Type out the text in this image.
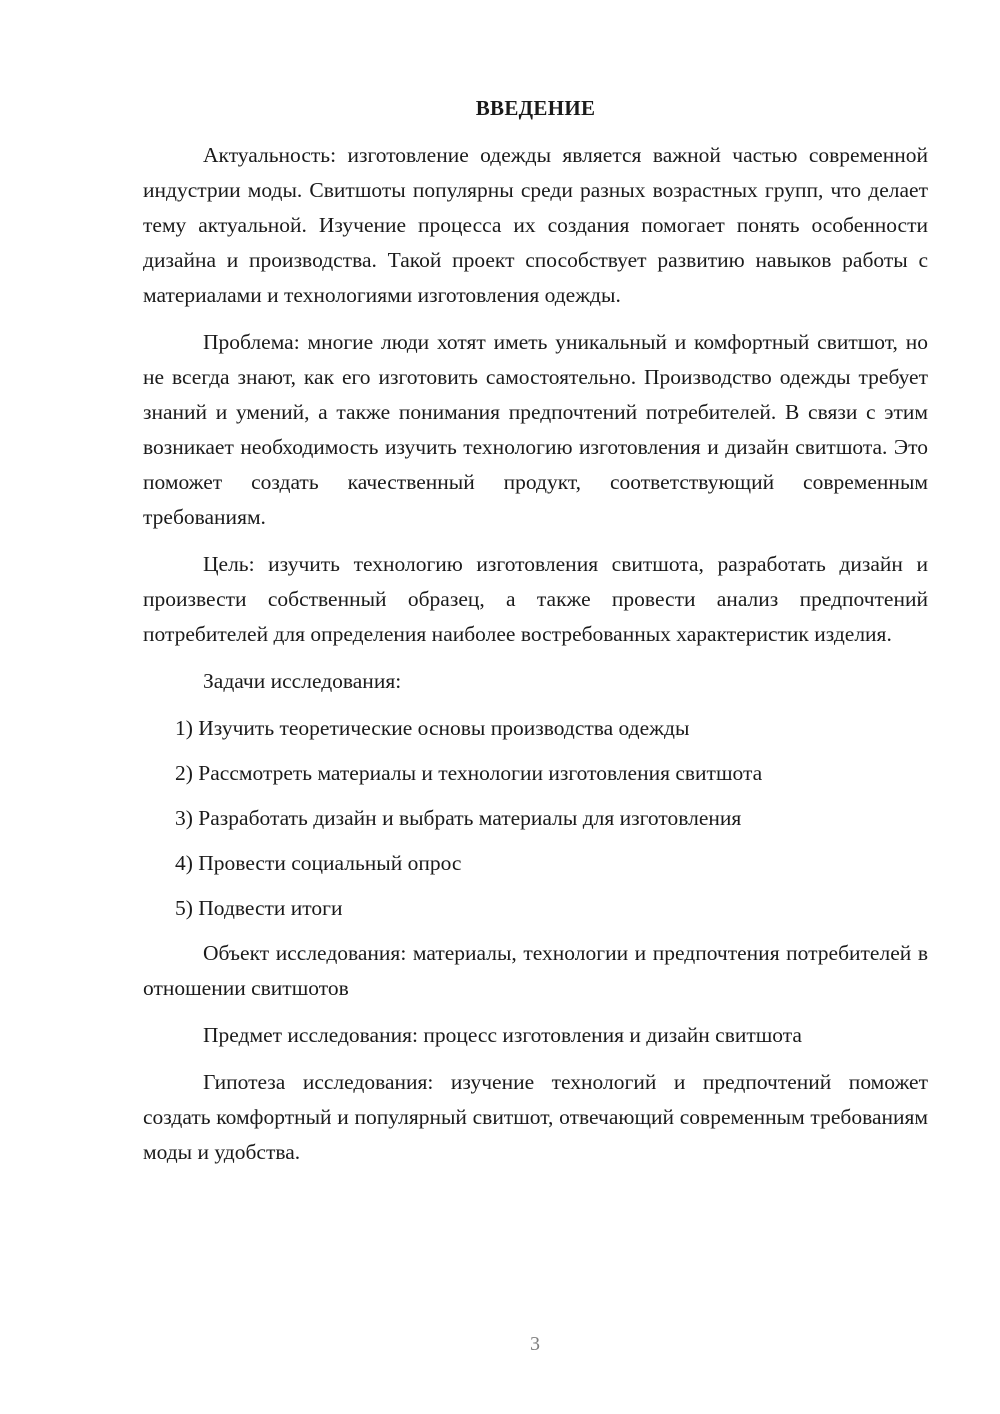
ВВЕДЕНИЕ

Актуальность: изготовление одежды является важной частью современной индустрии моды. Свитшоты популярны среди разных возрастных групп, что делает тему актуальной. Изучение процесса их создания помогает понять особенности дизайна и производства. Такой проект способствует развитию навыков работы с материалами и технологиями изготовления одежды.

Проблема: многие люди хотят иметь уникальный и комфортный свитшот, но не всегда знают, как его изготовить самостоятельно. Производство одежды требует знаний и умений, а также понимания предпочтений потребителей. В связи с этим возникает необходимость изучить технологию изготовления и дизайн свитшота. Это поможет создать качественный продукт, соответствующий современным требованиям.

Цель: изучить технологию изготовления свитшота, разработать дизайн и произвести собственный образец, а также провести анализ предпочтений потребителей для определения наиболее востребованных характеристик изделия.

Задачи исследования:

1) Изучить теоретические основы производства одежды
2) Рассмотреть материалы и технологии изготовления свитшота
3) Разработать дизайн и выбрать материалы для изготовления
4) Провести социальный опрос
5) Подвести итоги

Объект исследования: материалы, технологии и предпочтения потребителей в отношении свитшотов

Предмет исследования: процесс изготовления и дизайн свитшота

Гипотеза исследования: изучение технологий и предпочтений поможет создать комфортный и популярный свитшот, отвечающий современным требованиям моды и удобства.

3
